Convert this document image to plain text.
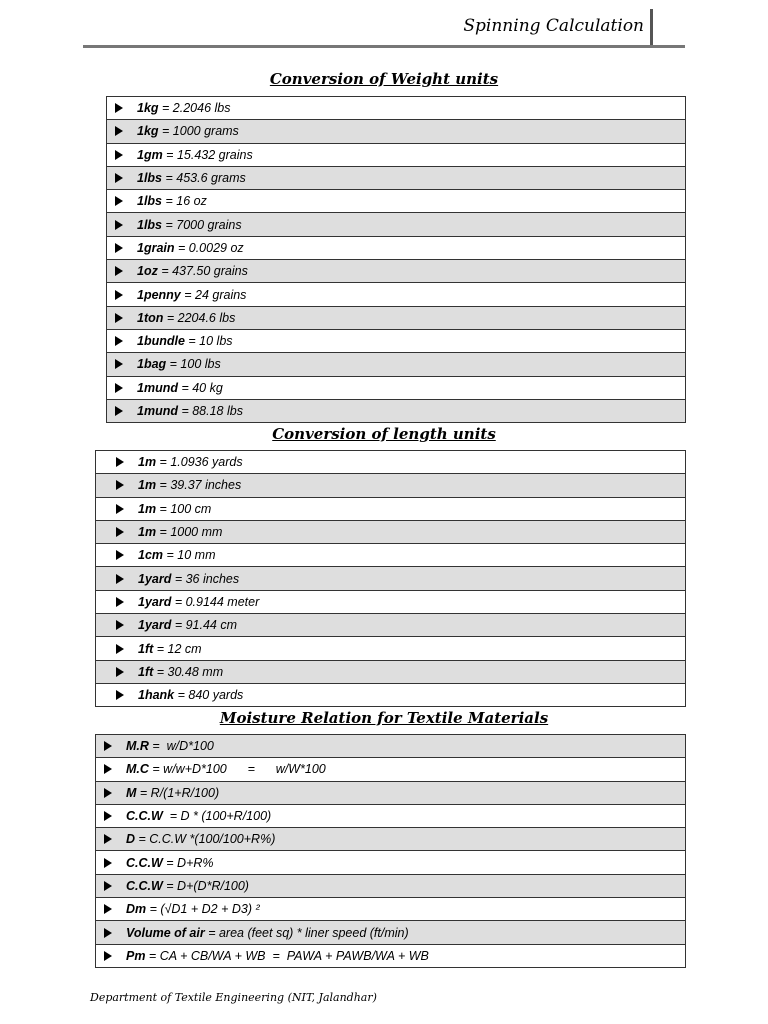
Spinning Calculation
Conversion of Weight units
1kg = 2.2046 lbs

1kg = 1000 grams

1gm = 15.432 grains

1lbs = 453.6 grams

1lbs = 16 oz

1lbs = 7000 grains

1grain = 0.0029 oz

1oz = 437.50 grains

1penny = 24 grains

1ton = 2204.6 lbs

1bundle = 10 lbs

1bag = 100 lbs

1mund = 40 kg

1mund = 88.18 lbs
Conversion of length units
1m = 1.0936 yards

1m = 39.37 inches

1m = 100 cm

1m = 1000 mm

1cm = 10 mm

1yard = 36 inches

1yard = 0.9144 meter

1yard = 91.44 cm

1ft = 12 cm

1ft = 30.48 mm

1hank = 840 yards
Moisture Relation for Textile Materials
M.R =  w/D*100

M.C = w/w+D*100      =      w/W*100

M = R/(1+R/100)

C.C.W = D * (100+R/100)

D = C.C.W *(100/100+R%)

C.C.W = D+R%

C.C.W = D+(D*R/100)

Dm = (√D1 + D2 + D3) ²

Volume of air = area (feet sq) * liner speed (ft/min)

Pm = CA + CB/WA + WB  =  PAWA + PAWB/WA + WB
Department of Textile Engineering (NIT, Jalandhar)
